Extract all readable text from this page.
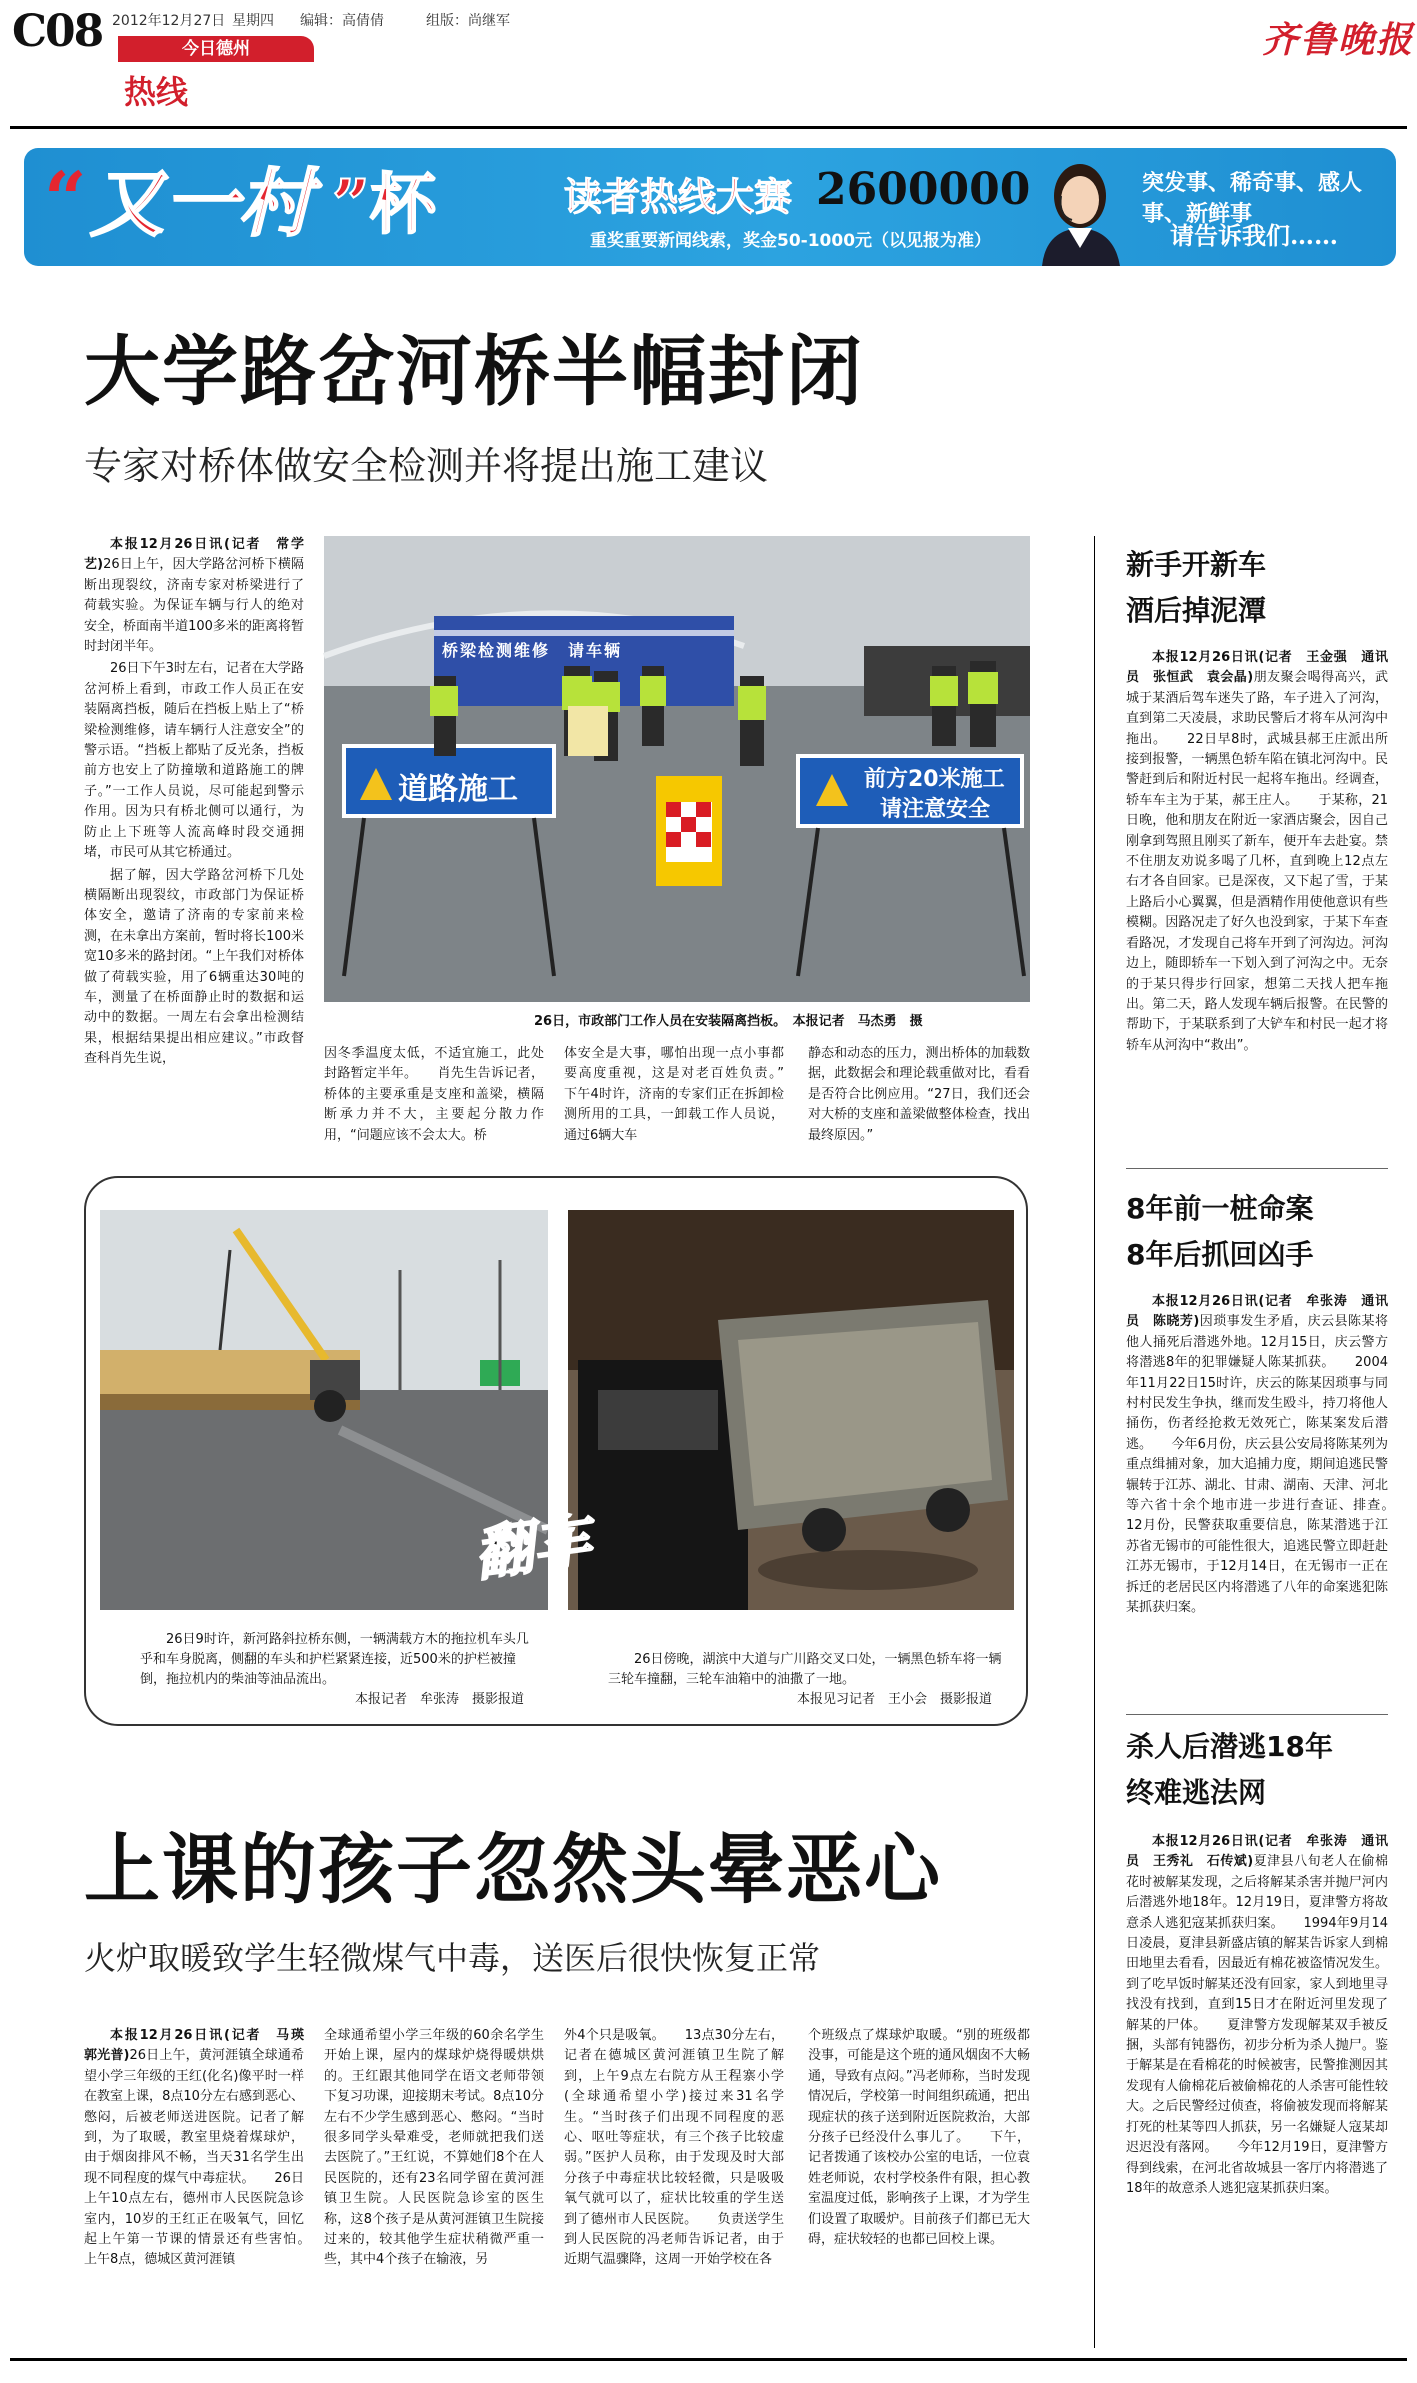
C08 2012年12月27日 星期四 编辑：高倩倩	组版：尚继军
今日德州
热线
齐鲁晚报
“ 又一村 ”杯	读者热线大赛 2600000
重奖重要新闻线索，奖金50-1000元（以见报为准）
突发事、稀奇事、感人事、新鲜事
请告诉我们……
大学路岔河桥半幅封闭
专家对桥体做安全检测并将提出施工建议

本报12月26日讯(记者　常学艺)26日上午，因大学路岔河桥下横隔断出现裂纹，济南专家对桥梁进行了荷载实验。为保证车辆与行人的绝对安全，桥面南半道100多米的距离将暂时封闭半年。

26日下午3时左右，记者在大学路岔河桥上看到，市政工作人员正在安装隔离挡板，随后在挡板上贴上了“桥梁检测维修，请车辆行人注意安全”的警示语。“挡板上都贴了反光条，挡板前方也安上了防撞墩和道路施工的牌子。”一工作人员说，尽可能起到警示作用。因为只有桥北侧可以通行，为防止上下班等人流高峰时段交通拥堵，市民可从其它桥通过。

据了解，因大学路岔河桥下几处横隔断出现裂纹，市政部门为保证桥体安全，邀请了济南的专家前来检测，在未拿出方案前，暂时将长100米宽10多米的路封闭。“上午我们对桥体做了荷载实验，用了6辆重达30吨的车，测量了在桥面静止时的数据和运动中的数据。一周左右会拿出检测结果，根据结果提出相应建议。”市政督查科肖先生说，

桥梁检测维修　请车辆
道路施工	前方20米施工
请注意安全
26日，市政部门工作人员在安装隔离挡板。　本报记者　马杰勇　摄
因冬季温度太低，不适宜施工，此处封路暂定半年。　　肖先生告诉记者，桥体的主要承重是支座和盖梁，横隔断承力并不大，主要起分散力作用，“问题应该不会太大。桥
体安全是大事，哪怕出现一点小事都要高度重视，这是对老百姓负责。”　　下午4时许，济南的专家们正在拆卸检测所用的工具，一卸载工作人员说，通过6辆大车
静态和动态的压力，测出桥体的加载数据，此数据会和理论载重做对比，看看是否符合比例应用。“27日，我们还会对大桥的支座和盖梁做整体检查，找出最终原因。”
翻车
26日9时许，新河路斜拉桥东侧，一辆满载方木的拖拉机车头几乎和车身脱离，侧翻的车头和护栏紧紧连接，近500米的护栏被撞倒，拖拉机内的柴油等油品流出。
本报记者　牟张涛　摄影报道
26日傍晚，湖滨中大道与广川路交叉口处，一辆黑色轿车将一辆三轮车撞翻，三轮车油箱中的油撒了一地。
本报见习记者　王小会　摄影报道
上课的孩子忽然头晕恶心
火炉取暖致学生轻微煤气中毒，送医后很快恢复正常

本报12月26日讯(记者　马瑛　郭光普)26日上午，黄河涯镇全球通希望小学三年级的王红(化名)像平时一样在教室上课，8点10分左右感到恶心、憋闷，后被老师送进医院。记者了解到，为了取暖，教室里烧着煤球炉，由于烟囱排风不畅，当天31名学生出现不同程度的煤气中毒症状。　　26日上午10点左右，德州市人民医院急诊室内，10岁的王红正在吸氧气，回忆起上午第一节课的情景还有些害怕。　　上午8点，德城区黄河涯镇

全球通希望小学三年级的60余名学生开始上课，屋内的煤球炉烧得暖烘烘的。王红跟其他同学在语文老师带领下复习功课，迎接期末考试。8点10分左右不少学生感到恶心、憋闷。“当时很多同学头晕难受，老师就把我们送去医院了。”王红说，不算她们8个在人民医院的，还有23名同学留在黄河涯镇卫生院。人民医院急诊室的医生称，这8个孩子是从黄河涯镇卫生院接过来的，较其他学生症状稍微严重一些，其中4个孩子在输液，另
外4个只是吸氧。　　13点30分左右，记者在德城区黄河涯镇卫生院了解到，上午9点左右院方从王程寨小学(全球通希望小学)接过来31名学生。“当时孩子们出现不同程度的恶心、呕吐等症状，有三个孩子比较虚弱。”医护人员称，由于发现及时大部分孩子中毒症状比较轻微，只是吸吸氧气就可以了，症状比较重的学生送到了德州市人民医院。　　负责送学生到人民医院的冯老师告诉记者，由于近期气温骤降，这周一开始学校在各
个班级点了煤球炉取暖。“别的班级都没事，可能是这个班的通风烟囱不大畅通，导致有点闷。”冯老师称，当时发现情况后，学校第一时间组织疏通，把出现症状的孩子送到附近医院救治，大部分孩子已经没什么事儿了。　　下午，记者拨通了该校办公室的电话，一位袁姓老师说，农村学校条件有限，担心教室温度过低，影响孩子上课，才为学生们设置了取暖炉。目前孩子们都已无大碍，症状较轻的也都已回校上课。
新手开新车
酒后掉泥潭

本报12月26日讯(记者　王金强　通讯员　张恒武　袁会晶)朋友聚会喝得高兴，武城于某酒后驾车迷失了路，车子进入了河沟，直到第二天凌晨，求助民警后才将车从河沟中拖出。　　22日早8时，武城县郝王庄派出所接到报警，一辆黑色轿车陷在镇北河沟中。民警赶到后和附近村民一起将车拖出。经调查，轿车车主为于某，郝王庄人。　　于某称，21日晚，他和朋友在附近一家酒店聚会，因自己刚拿到驾照且刚买了新车，便开车去赴宴。禁不住朋友劝说多喝了几杯，直到晚上12点左右才各自回家。已是深夜，又下起了雪，于某上路后小心翼翼，但是酒精作用使他意识有些模糊。因路况走了好久也没到家，于某下车查看路况，才发现自己将车开到了河沟边。河沟边上，随即轿车一下划入到了河沟之中。无奈的于某只得步行回家，想第二天找人把车拖出。第二天，路人发现车辆后报警。在民警的帮助下，于某联系到了大铲车和村民一起才将轿车从河沟中“救出”。

8年前一桩命案
8年后抓回凶手

本报12月26日讯(记者　牟张涛　通讯员　陈晓芳)因琐事发生矛盾，庆云县陈某将他人捅死后潜逃外地。12月15日，庆云警方将潜逃8年的犯罪嫌疑人陈某抓获。　　2004年11月22日15时许，庆云的陈某因琐事与同村村民发生争执，继而发生殴斗，持刀将他人捅伤，伤者经抢救无效死亡，陈某案发后潜逃。　　今年6月份，庆云县公安局将陈某列为重点缉捕对象，加大追捕力度，期间追逃民警辗转于江苏、湖北、甘肃、湖南、天津、河北等六省十余个地市进一步进行查证、排查。　　12月份，民警获取重要信息，陈某潜逃于江苏省无锡市的可能性很大，追逃民警立即赶赴江苏无锡市，于12月14日，在无锡市一正在拆迁的老居民区内将潜逃了八年的命案逃犯陈某抓获归案。

杀人后潜逃18年
终难逃法网

本报12月26日讯(记者　牟张涛　通讯员　王秀礼　石传斌)夏津县八旬老人在偷棉花时被解某发现，之后将解某杀害并抛尸河内后潜逃外地18年。12月19日，夏津警方将故意杀人逃犯寇某抓获归案。　　1994年9月14日凌晨，夏津县新盛店镇的解某告诉家人到棉田地里去看看，因最近有棉花被盗情况发生。到了吃早饭时解某还没有回家，家人到地里寻找没有找到，直到15日才在附近河里发现了解某的尸体。　　夏津警方发现解某双手被反捆，头部有钝器伤，初步分析为杀人抛尸。鉴于解某是在看棉花的时候被害，民警推测因其发现有人偷棉花后被偷棉花的人杀害可能性较大。之后民警经过侦查，将偷被发现而将解某打死的杜某等四人抓获，另一名嫌疑人寇某却迟迟没有落网。　　今年12月19日，夏津警方得到线索，在河北省故城县一客厅内将潜逃了18年的故意杀人逃犯寇某抓获归案。
